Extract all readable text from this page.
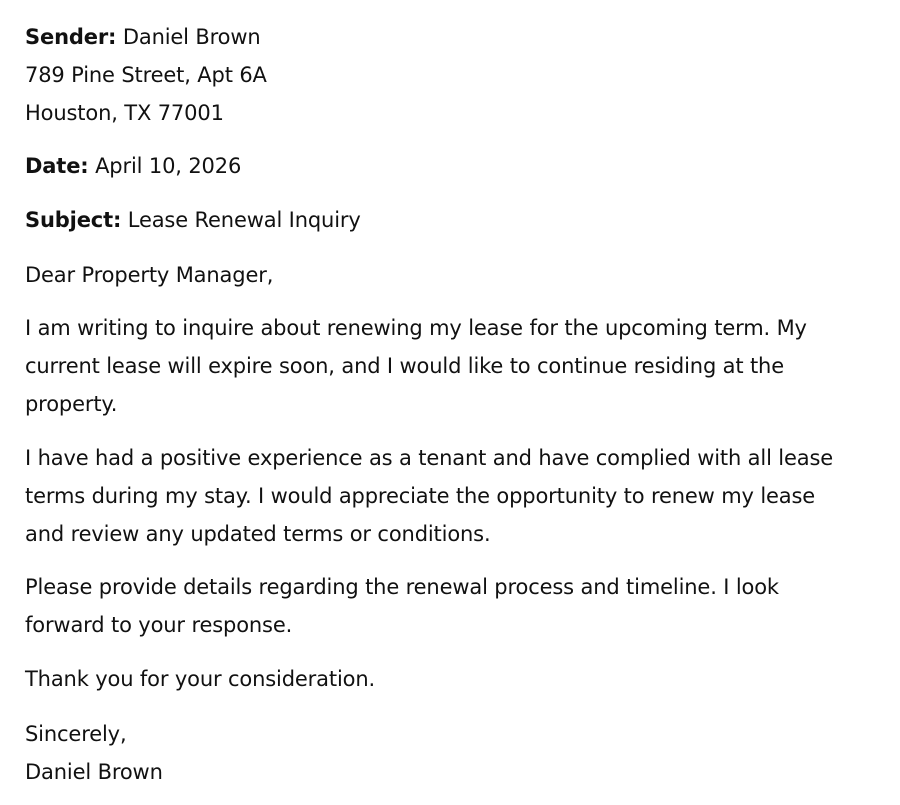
Sender: Daniel Brown
789 Pine Street, Apt 6A
Houston, TX 77001
Date: April 10, 2026
Subject: Lease Renewal Inquiry
Dear Property Manager,
I am writing to inquire about renewing my lease for the upcoming term. My
current lease will expire soon, and I would like to continue residing at the
property.
I have had a positive experience as a tenant and have complied with all lease
terms during my stay. I would appreciate the opportunity to renew my lease
and review any updated terms or conditions.
Please provide details regarding the renewal process and timeline. I look
forward to your response.
Thank you for your consideration.
Sincerely,
Daniel Brown
